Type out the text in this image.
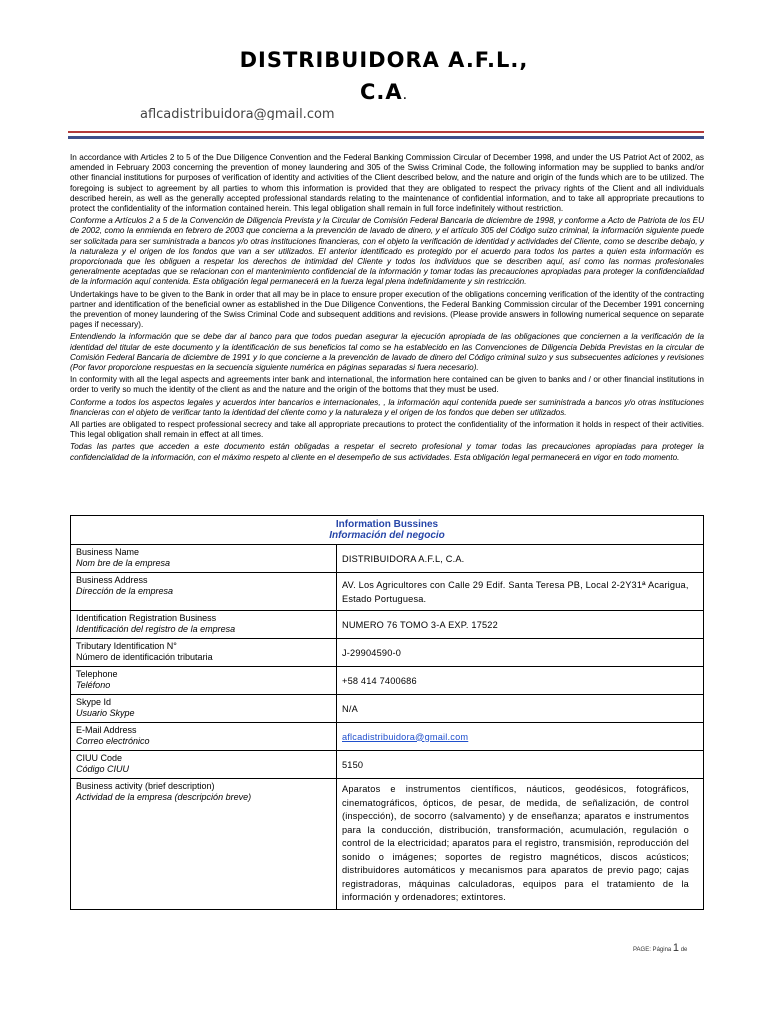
DISTRIBUIDORA A.F.L.,
C.A.
aflcadistribuidora@gmail.com

In accordance with Articles 2 to 5 of the Due Diligence Convention and the Federal Banking Commission Circular of December 1998, and under the US Patriot Act of 2002, as amended in February 2003 concerning the prevention of money laundering and 305 of the Swiss Criminal Code, the following information may be supplied to banks and/or other financial institutions for purposes of verification of identity and activities of the Client described below, and the nature and origin of the funds which are to be utilized. The foregoing is subject to agreement by all parties to whom this information is provided that they are obligated to respect the privacy rights of the Client and all individuals described herein, as well as the generally accepted professional standards relating to the maintenance of confidential information, and to take all appropriate precautions to protect the confidentiality of the information contained herein. This legal obligation shall remain in full force indefinitely without restriction.

Conforme a Artículos 2 a 5 de la Convención de Diligencia Prevista y la Circular de Comisión Federal Bancaria de diciembre de 1998, y conforme a Acto de Patriota de los EU de 2002, como la enmienda en febrero de 2003 que concierna a la prevención de lavado de dinero, y el artículo 305 del Código suizo criminal, la información siguiente puede ser solicitada para ser suministrada a bancos y/o otras instituciones financieras, con el objeto la verificación de identidad y actividades del Cliente, como se describe debajo, y la naturaleza y el origen de los fondos que van a ser utilizados. El anterior identificado es protegido por el acuerdo para todos los partes a quien esta información es proporcionada que les obliguen a respetar los derechos de intimidad del Cliente y todos los individuos que se describen aquí, así como las normas profesionales generalmente aceptadas que se relacionan con el mantenimiento confidencial de la información y tomar todas las precauciones apropiadas para proteger la confidencialidad de la información aquí contenida. Esta obligación legal permanecerá en la fuerza legal plena indefinidamente y sin restricción.

Undertakings have to be given to the Bank in order that all may be in place to ensure proper execution of the obligations concerning verification of the identity of the contracting partner and identification of the beneficial owner as established in the Due Diligence Conventions, the Federal Banking Commission circular of the December 1991 concerning the prevention of money laundering of the Swiss Criminal Code and subsequent additions and revisions. (Please provide answers in following numerical sequence on separate pages if necessary).

Entendiendo la información que se debe dar al banco para que todos puedan asegurar la ejecución apropiada de las obligaciones que conciernen a la verificación de la identidad del titular de este documento y la identificación de sus beneficios tal como se ha establecido en las Convenciones de Diligencia Debida Previstas en la circular de Comisión Federal Bancaria de diciembre de 1991 y lo que concierne a la prevención de lavado de dinero del Código criminal suizo y sus subsecuentes adiciones y revisiones (Por favor proporcione respuestas en la secuencia siguiente numérica en páginas separadas si fuera necesario).

In conformity with all the legal aspects and agreements inter bank and international, the information here contained can be given to banks and / or other financial institutions in order to verify so much the identity of the client as and the nature and the origin of the bottoms that they must be used.

Conforme a todos los aspectos legales y acuerdos inter bancarios e internacionales, , la información aquí contenida puede ser suministrada a bancos y/o otras instituciones financieras con el objeto de verificar tanto la identidad del cliente como y la naturaleza y el origen de los fondos que deben ser utilizados.

All parties are obligated to respect professional secrecy and take all appropriate precautions to protect the confidentiality of the information it holds in respect of their activities. This legal obligation shall remain in effect at all times.

Todas las partes que acceden a este documento están obligadas a respetar el secreto profesional y tomar todas las precauciones apropiadas para proteger la confidencialidad de la información, con el máximo respeto al cliente en el desempeño de sus actividades. Esta obligación legal permanecerá en vigor en todo momento.

Information Bussines
Información del negocio	

Business Name
Nom bre de la empresa	DISTRIBUIDORA A.F.L, C.A.

Business Address
Dirección de la empresa	AV. Los Agricultores con Calle 29 Edif. Santa Teresa PB, Local 2-2Y31ª Acarigua, Estado Portuguesa.

Identification Registration Business
Identificación del registro de la empresa	NUMERO 76 TOMO 3-A EXP. 17522

Tributary Identification N°
Número de identificación tributaria	J-29904590-0

Telephone
Teléfono	+58 414 7400686

Skype Id
Usuario Skype	N/A

E-Mail Address
Correo electrónico	aflcadistribuidora@gmail.com

CIUU Code
Código CIUU	5150

Business activity (brief description)
Actividad de la empresa (descripción breve)	Aparatos e instrumentos científicos, náuticos, geodésicos, fotográficos, cinematográficos, ópticos, de pesar, de medida, de señalización, de control (inspección), de socorro (salvamento) y de enseñanza; aparatos e instrumentos para la conducción, distribución, transformación, acumulación, regulación o control de la electricidad; aparatos para el registro, transmisión, reproducción del sonido o imágenes; soportes de registro magnéticos, discos acústicos; distribuidores automáticos y mecanismos para aparatos de previo pago; cajas registradoras, máquinas calculadoras, equipos para el tratamiento de la información y ordenadores; extintores.
PAGE: Página 1 de
